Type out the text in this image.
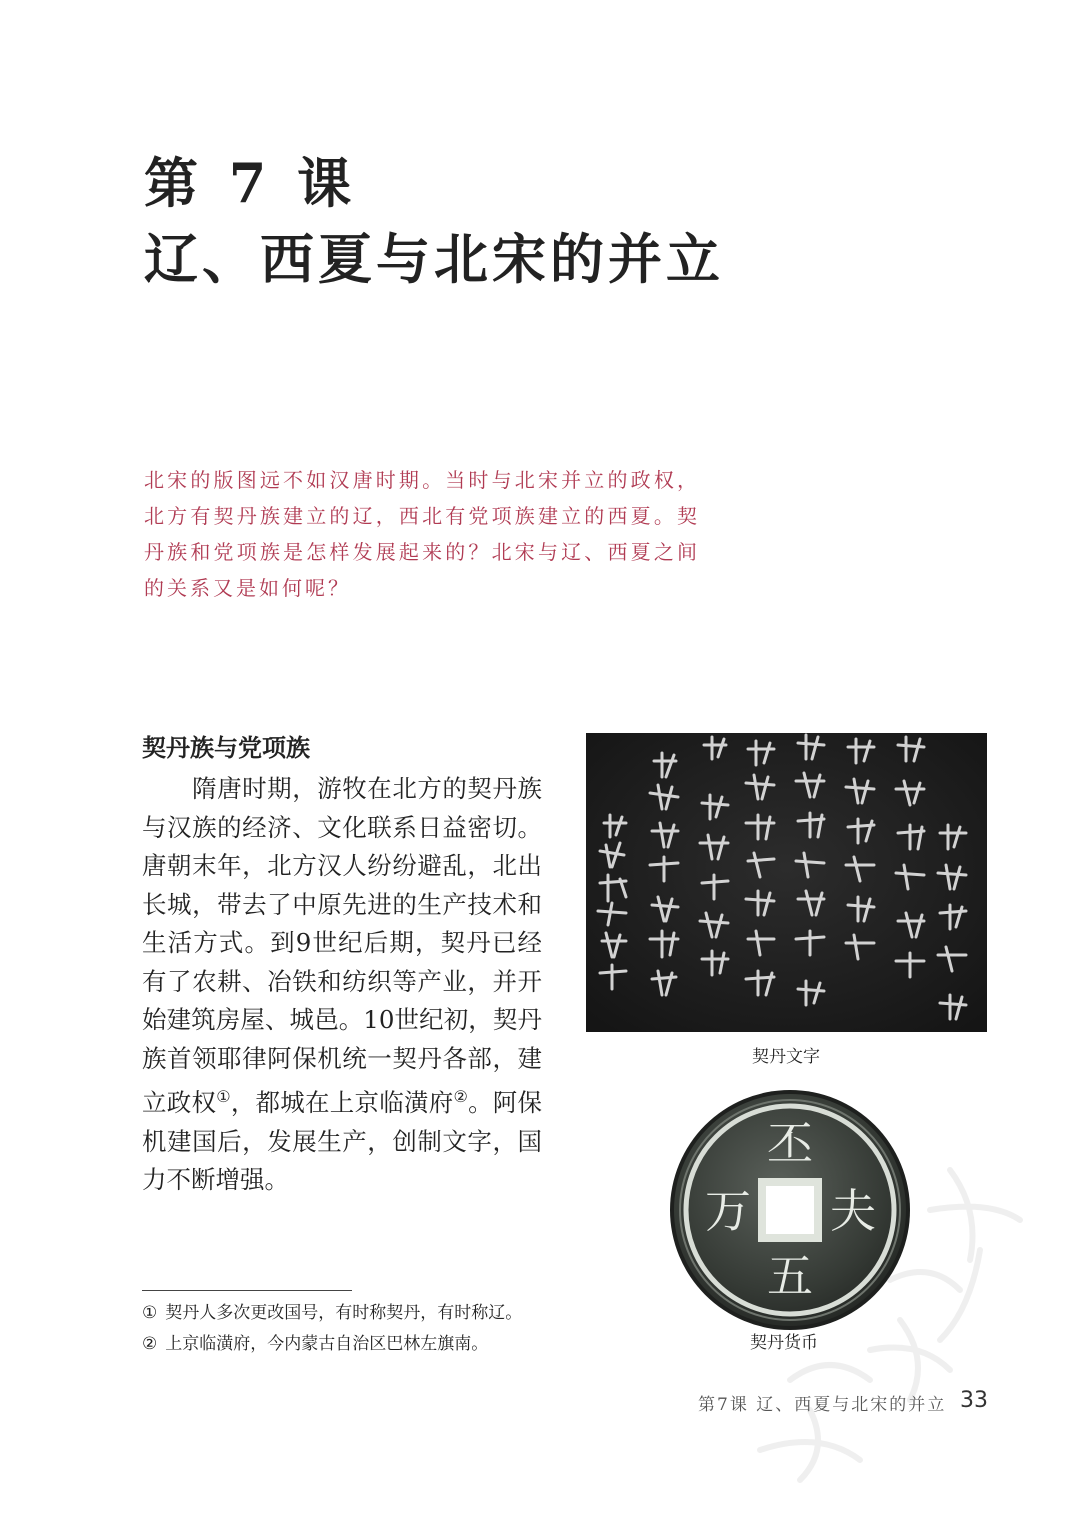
第 7 课
辽、西夏与北宋的并立

北宋的版图远不如汉唐时期。当时与北宋并立的政权，北方有契丹族建立的辽，西北有党项族建立的西夏。契丹族和党项族是怎样发展起来的？北宋与辽、西夏之间的关系又是如何呢？

契丹族与党项族

　　隋唐时期，游牧在北方的契丹族与汉族的经济、文化联系日益密切。唐朝末年，北方汉人纷纷避乱，北出长城，带去了中原先进的生产技术和生活方式。到9世纪后期，契丹已经有了农耕、冶铁和纺织等产业，并开始建筑房屋、城邑。10世纪初，契丹族首领耶律阿保机统一契丹各部，建立政权①，都城在上京临潢府②。阿保机建国后，发展生产，创制文字，国力不断增强。

① 契丹人多次更改国号，有时称契丹，有时称辽。

② 上京临潢府，今内蒙古自治区巴林左旗南。

契丹文字

丕
夫
五
万

契丹货币

第7课 辽、西夏与北宋的并立 33
